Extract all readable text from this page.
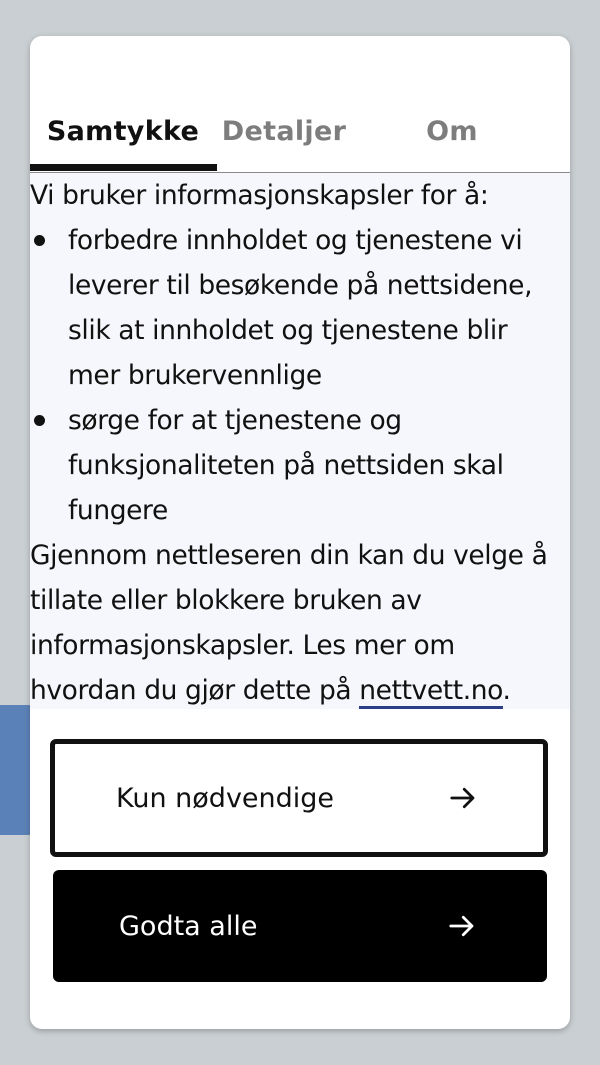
Samtykke Detaljer	Om

Vi bruker informasjonskapsler for å:

forbedre innholdet og tjenestene vi
leverer til besøkende på nettsidene,
slik at innholdet og tjenestene blir
mer brukervennlige
sørge for at tjenestene og
funksjonaliteten på nettsiden skal
fungere

Gjennom nettleseren din kan du velge å

tillate eller blokkere bruken av

informasjonskapsler. Les mer om

hvordan du gjør dette på nettvett.no.

Kun nødvendige
Godta alle
